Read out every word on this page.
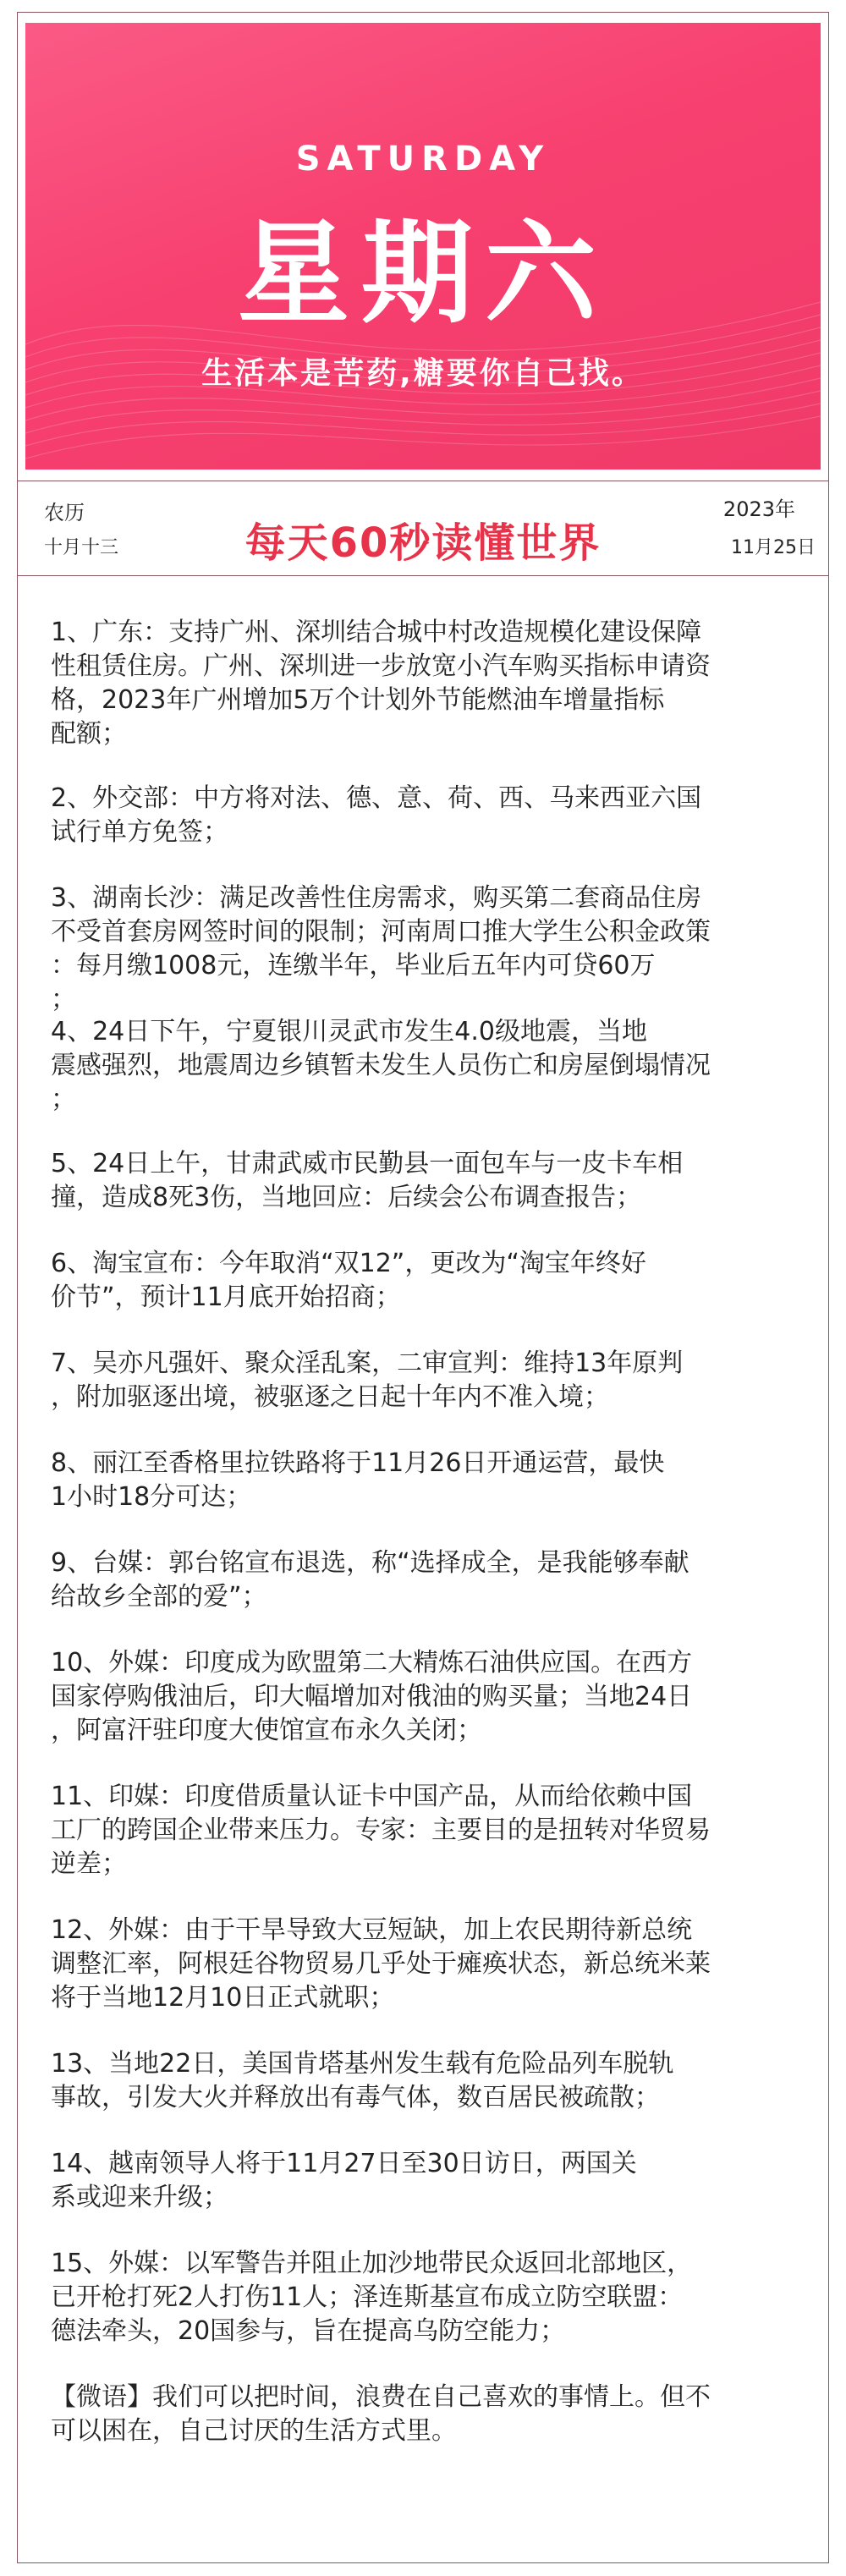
SATURDAY
星期六
生活本是苦药,糖要你自己找。
农历
十月十三
2023年
11月25日
每天60秒读懂世界
1、广东：支持广州、深圳结合城中村改造规模化建设保障
性租赁住房。广州、深圳进一步放宽小汽车购买指标申请资
格，2023年广州增加5万个计划外节能燃油车增量指标
配额；
2、外交部：中方将对法、德、意、荷、西、马来西亚六国
试行单方免签；
3、湖南长沙：满足改善性住房需求，购买第二套商品住房
不受首套房网签时间的限制；河南周口推大学生公积金政策
：每月缴1008元，连缴半年，毕业后五年内可贷60万
；
4、24日下午，宁夏银川灵武市发生4.0级地震，当地
震感强烈，地震周边乡镇暂未发生人员伤亡和房屋倒塌情况
；
5、24日上午，甘肃武威市民勤县一面包车与一皮卡车相
撞，造成8死3伤，当地回应：后续会公布调查报告；
6、淘宝宣布：今年取消“双12”，更改为“淘宝年终好
价节”，预计11月底开始招商；
7、吴亦凡强奸、聚众淫乱案，二审宣判：维持13年原判
，附加驱逐出境，被驱逐之日起十年内不准入境；
8、丽江至香格里拉铁路将于11月26日开通运营，最快
1小时18分可达；
9、台媒：郭台铭宣布退选，称“选择成全，是我能够奉献
给故乡全部的爱”；
10、外媒：印度成为欧盟第二大精炼石油供应国。在西方
国家停购俄油后，印大幅增加对俄油的购买量；当地24日
，阿富汗驻印度大使馆宣布永久关闭；
11、印媒：印度借质量认证卡中国产品，从而给依赖中国
工厂的跨国企业带来压力。专家：主要目的是扭转对华贸易
逆差；
12、外媒：由于干旱导致大豆短缺，加上农民期待新总统
调整汇率，阿根廷谷物贸易几乎处于瘫痪状态，新总统米莱
将于当地12月10日正式就职；
13、当地22日，美国肯塔基州发生载有危险品列车脱轨
事故，引发大火并释放出有毒气体，数百居民被疏散；
14、越南领导人将于11月27日至30日访日，两国关
系或迎来升级；
15、外媒：以军警告并阻止加沙地带民众返回北部地区，
已开枪打死2人打伤11人；泽连斯基宣布成立防空联盟：
德法牵头，20国参与，旨在提高乌防空能力；
【微语】我们可以把时间，浪费在自己喜欢的事情上。但不
可以困在，自己讨厌的生活方式里。
